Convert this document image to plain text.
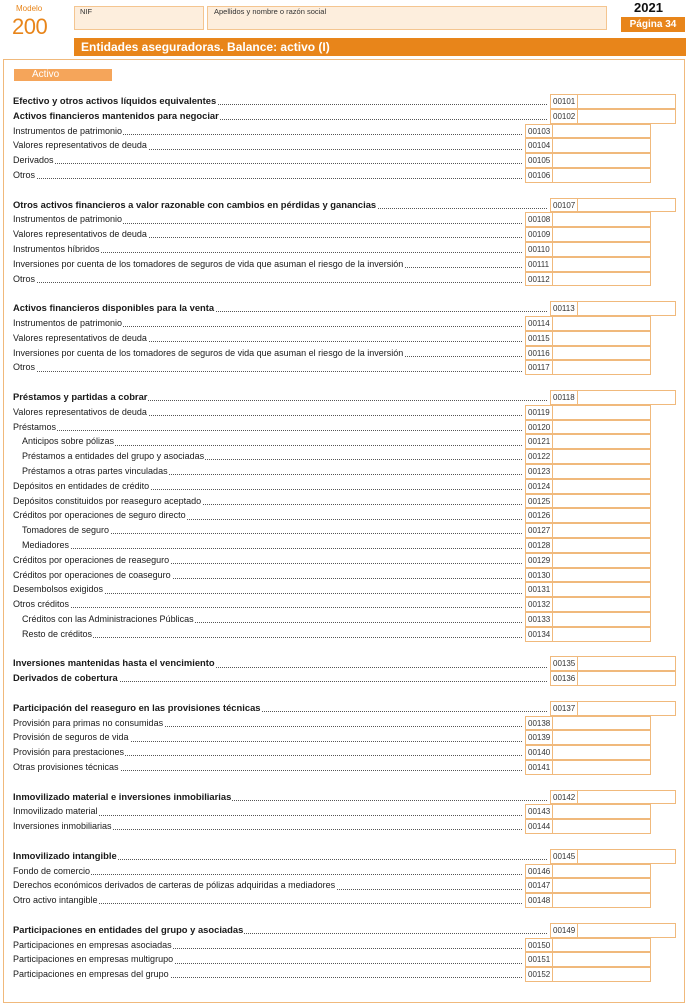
Modelo
200
NIF	Apellidos y nombre o razón social	2021
Página 34
Entidades aseguradoras. Balance: activo (I)
Activo
Efectivo y otros activos líquidos equivalentes	00101
Activos financieros mantenidos para negociar	00102
Instrumentos de patrimonio	00103
Valores representativos de deuda	00104
Derivados	00105
Otros	00106
Otros activos financieros a valor razonable con cambios en pérdidas y ganancias	00107
Instrumentos de patrimonio	00108
Valores representativos de deuda	00109
Instrumentos híbridos	00110
Inversiones por cuenta de los tomadores de seguros de vida que asuman el riesgo de la inversión	00111
Otros	00112
Activos financieros disponibles para la venta	00113
Instrumentos de patrimonio	00114
Valores representativos de deuda	00115
Inversiones por cuenta de los tomadores de seguros de vida que asuman el riesgo de la inversión	00116
Otros	00117
Préstamos y partidas a cobrar	00118
Valores representativos de deuda	00119
Préstamos	00120
Anticipos sobre pólizas	00121
Préstamos a entidades del grupo y asociadas	00122
Préstamos a otras partes vinculadas	00123
Depósitos en entidades de crédito	00124
Depósitos constituidos por reaseguro aceptado	00125
Créditos por operaciones de seguro directo	00126
Tomadores de seguro	00127
Mediadores	00128
Créditos por operaciones de reaseguro	00129
Créditos por operaciones de coaseguro	00130
Desembolsos exigidos	00131
Otros créditos	00132
Créditos con las Administraciones Públicas	00133
Resto de créditos	00134
Inversiones mantenidas hasta el vencimiento	00135
Derivados de cobertura	00136
Participación del reaseguro en las provisiones técnicas	00137
Provisión para primas no consumidas	00138
Provisión de seguros de vida	00139
Provisión para prestaciones	00140
Otras provisiones técnicas	00141
Inmovilizado material e inversiones inmobiliarias	00142
Inmovilizado material	00143
Inversiones inmobiliarias	00144
Inmovilizado intangible	00145
Fondo de comercio	00146
Derechos económicos derivados de carteras de pólizas adquiridas a mediadores	00147
Otro activo intangible	00148
Participaciones en entidades del grupo y asociadas	00149
Participaciones en empresas asociadas	00150
Participaciones en empresas multigrupo	00151
Participaciones en empresas del grupo	00152
